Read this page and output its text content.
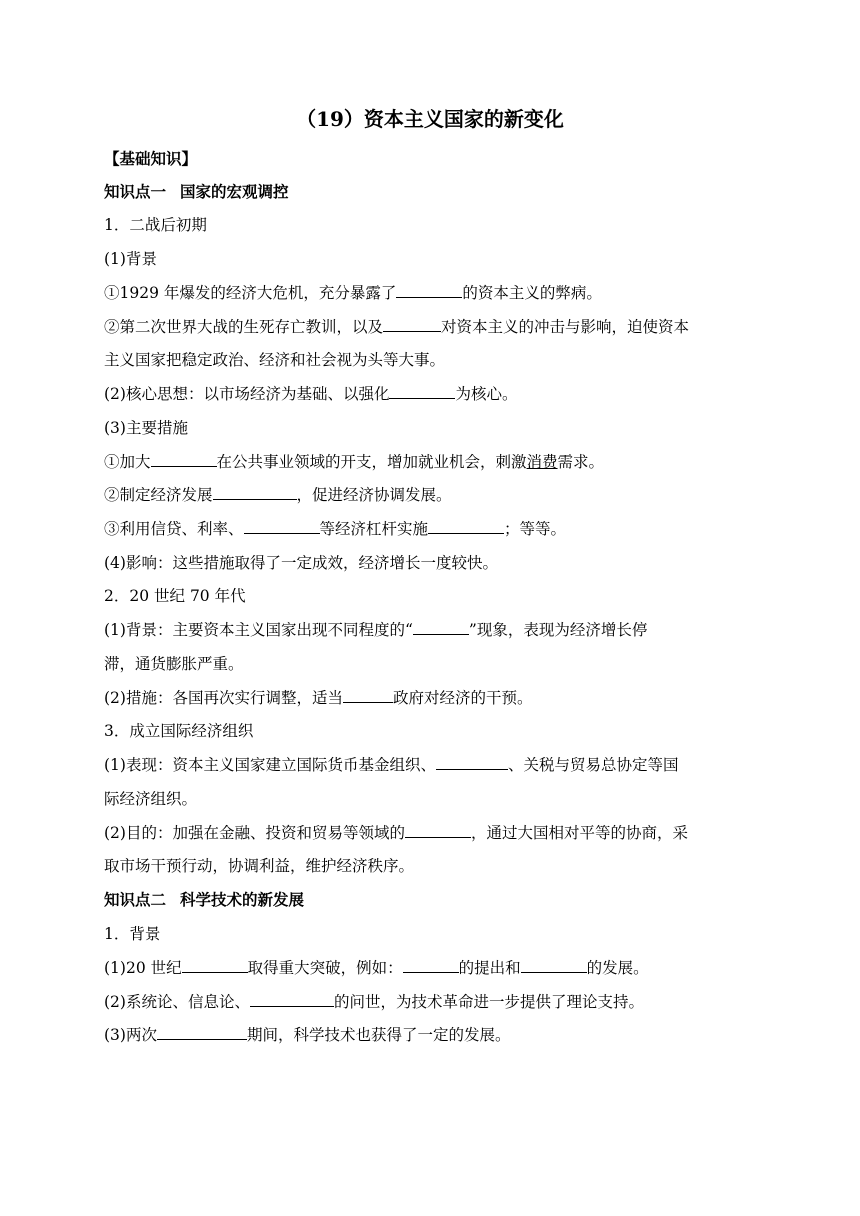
（19）资本主义国家的新变化
【基础知识】
知识点一 国家的宏观调控
1．二战后初期
(1)背景
①1929 年爆发的经济大危机，充分暴露了	的资本主义的弊病。
②第二次世界大战的生死存亡教训，以及	对资本主义的冲击与影响，迫使资本
主义国家把稳定政治、经济和社会视为头等大事。
(2)核心思想：以市场经济为基础、以强化	为核心。
(3)主要措施
①加大	在公共事业领域的开支，增加就业机会，刺激消费需求。
②制定经济发展	，促进经济协调发展。
③利用信贷、利率、	等经济杠杆实施	；等等。
(4)影响：这些措施取得了一定成效，经济增长一度较快。
2．20 世纪 70 年代
(1)背景：主要资本主义国家出现不同程度的“	”现象，表现为经济增长停
滞，通货膨胀严重。
(2)措施：各国再次实行调整，适当	政府对经济的干预。
3．成立国际经济组织
(1)表现：资本主义国家建立国际货币基金组织、	、关税与贸易总协定等国
际经济组织。
(2)目的：加强在金融、投资和贸易等领域的	，通过大国相对平等的协商，采
取市场干预行动，协调利益，维护经济秩序。
知识点二 科学技术的新发展
1．背景
(1)20 世纪	取得重大突破，例如：	的提出和	的发展。
(2)系统论、信息论、	的问世，为技术革命进一步提供了理论支持。
(3)两次	期间，科学技术也获得了一定的发展。
